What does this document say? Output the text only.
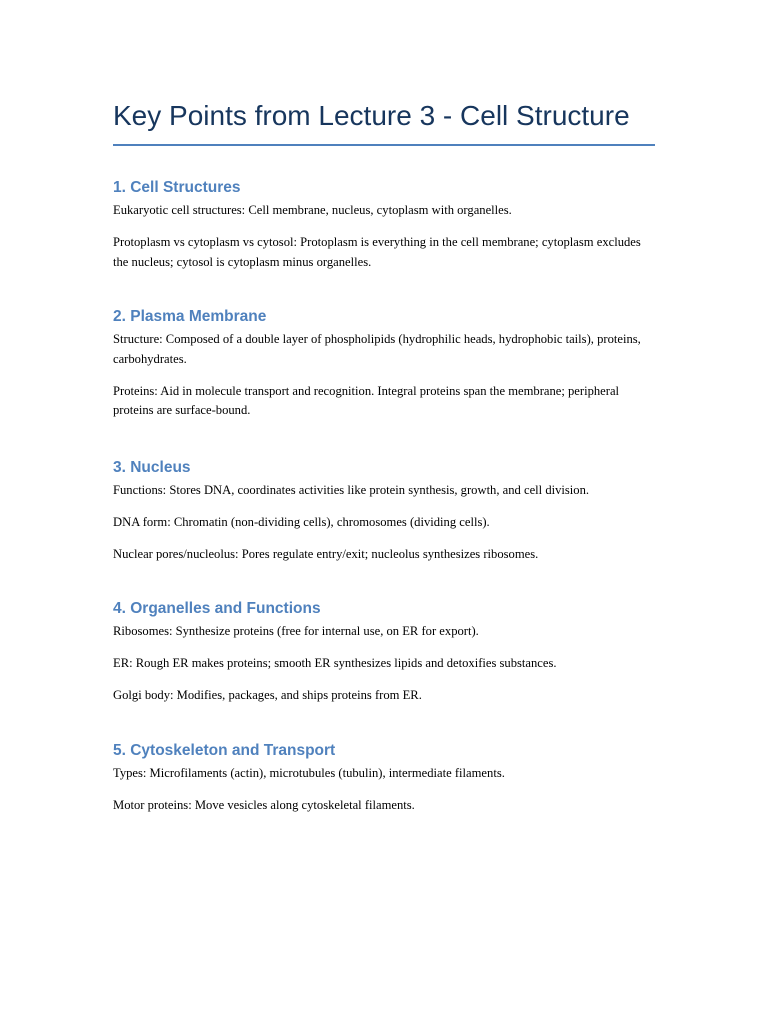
Key Points from Lecture 3 - Cell Structure
1. Cell Structures

Eukaryotic cell structures: Cell membrane, nucleus, cytoplasm with organelles.

Protoplasm vs cytoplasm vs cytosol: Protoplasm is everything in the cell membrane; cytoplasm excludes the nucleus; cytosol is cytoplasm minus organelles.

2. Plasma Membrane

Structure: Composed of a double layer of phospholipids (hydrophilic heads, hydrophobic tails), proteins, carbohydrates.

Proteins: Aid in molecule transport and recognition. Integral proteins span the membrane; peripheral proteins are surface-bound.

3. Nucleus

Functions: Stores DNA, coordinates activities like protein synthesis, growth, and cell division.

DNA form: Chromatin (non-dividing cells), chromosomes (dividing cells).

Nuclear pores/nucleolus: Pores regulate entry/exit; nucleolus synthesizes ribosomes.

4. Organelles and Functions

Ribosomes: Synthesize proteins (free for internal use, on ER for export).

ER: Rough ER makes proteins; smooth ER synthesizes lipids and detoxifies substances.

Golgi body: Modifies, packages, and ships proteins from ER.

5. Cytoskeleton and Transport

Types: Microfilaments (actin), microtubules (tubulin), intermediate filaments.

Motor proteins: Move vesicles along cytoskeletal filaments.
